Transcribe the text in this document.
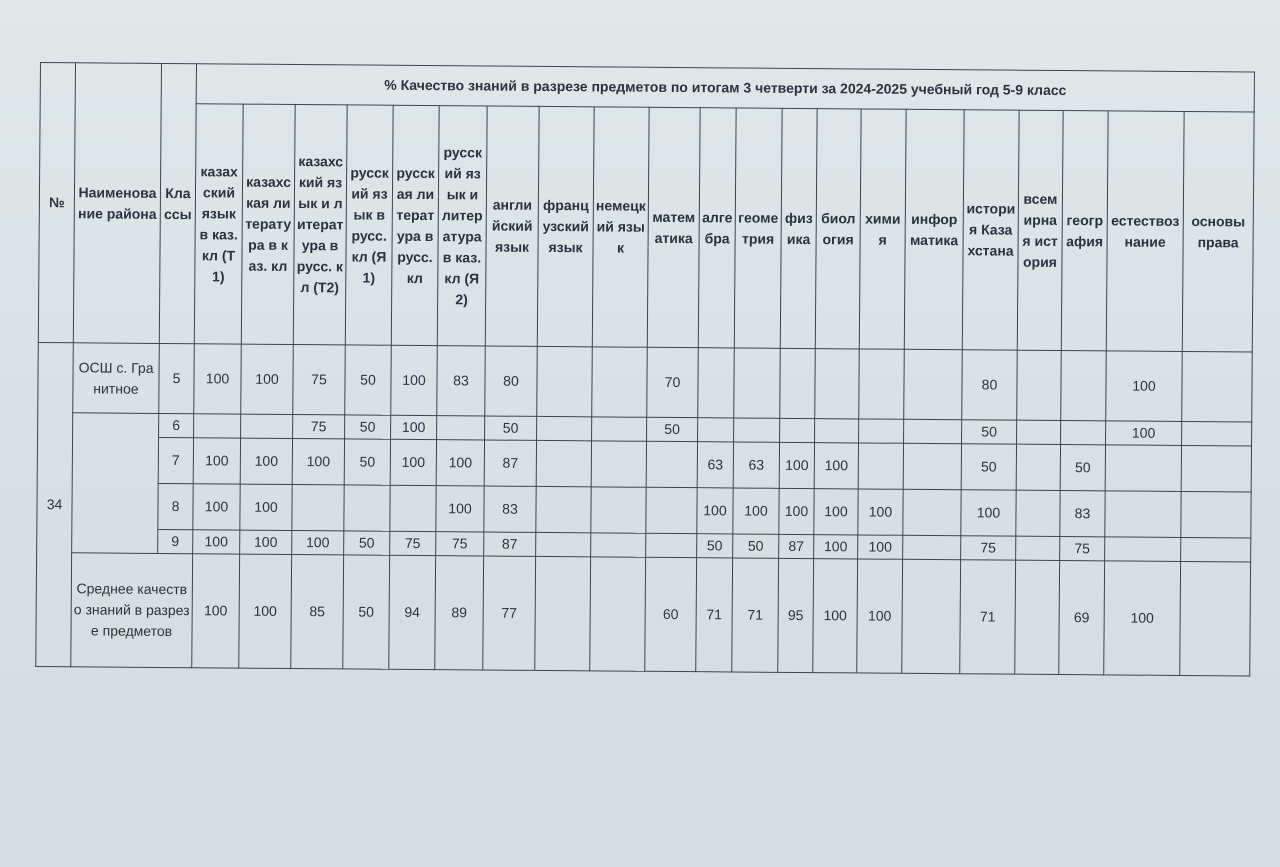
№	Наименование района	Классы	% Качество знаний в разрезе предметов по итогам 3 четверти за 2024-2025 учебный год 5-9 класс																				
			казахский язык в каз. кл (Т1)	казахская литература в каз. кл	казахский язык и литература в русс. кл (Т2)	русский язык в русс.кл (Я1)	русская литература в русс.кл	русский язык и литература в каз.кл (Я2)	английский язык	французский язык	немецкий язык	математика	алгебра	геометрия	физика	биология	химия	информатика	история Казахстана	всемирная история	география	естествознание	основы права
34	ОСШ с. Гранитное	5	100	100	75	50	100	83	80			70							80			100	
		6			75	50	100		50			50							50			100	
		7	100	100	100	50	100	100	87				63	63	100	100			50		50		
		8	100	100				100	83				100	100	100	100	100		100		83		
		9	100	100	100	50	75	75	87				50	50	87	100	100		75		75		
	Среднее качество знаний в разрезе предметов		100	100	85	50	94	89	77			60	71	71	95	100	100		71		69	100	
